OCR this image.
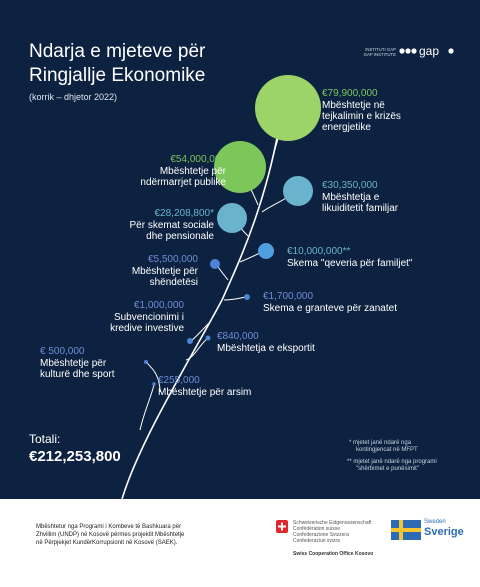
Ndarja e mjeteve për
Ringjallje Ekonomike
(korrik – dhjetor 2022)
INSTITUTI GAP
GAP INSTITUTE gap
€79,900,000
Mbështetje në
tejkalimin e krizës
energjetike
€54,000,000
Mbështetje për
ndërmarrjet publike	€30,350,000
Mbështetja e
likuiditetit familjar
€28,208,800*
Për skemat sociale
dhe pensionale
€10,000,000**
Skema "qeveria për familjet"
€5,500,000
Mbështetje për
shëndetësi
€1,700,000
Skema e granteve për zanatet
€1,000,000
Subvencionimi i
kredive investive
€840,000
Mbështetja e eksportit
€ 500,000
Mbështetje për
kulturë dhe sport
€255,000
Mbështetje për arsim
Totali:
€212,253,800
* mjetet janë ndarë nga
kontingjencat në MFPT
** mjetet janë ndarë nga programi
"shërbimet e punësimit"
Mbështetur nga Programi i Kombeve të Bashkuara për
Zhvillim (UNDP) në Kosovë përmes projektit Mbështetje
në Përpjekjet KundërKorrupsionit në Kosovë (SAEK).
Schweizerische Eidgenossenschaft
Confédération suisse
Confederazione Svizzera
Confederaziun svizra
Swiss Cooperation Office Kosovo
Sweden
Sverige
